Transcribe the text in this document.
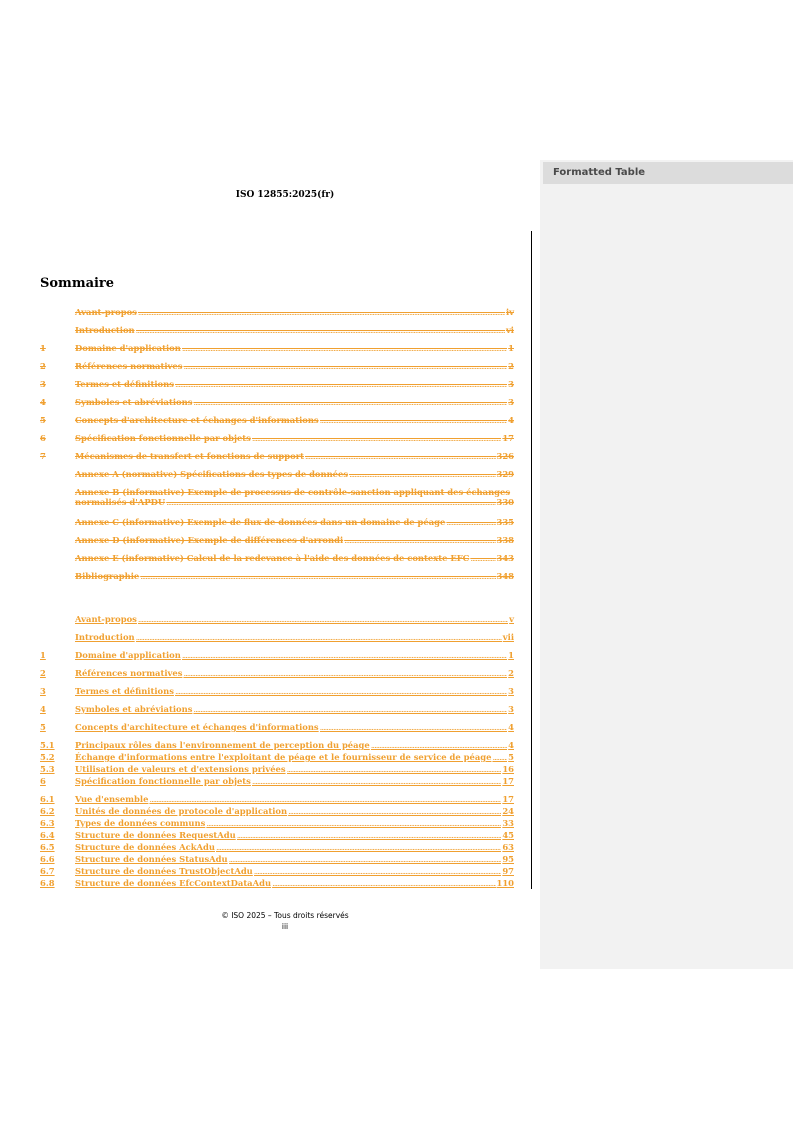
Formatted Table
ISO 12855:2025(fr)
Sommaire
Avant-propos .....	iv
Introduction .....	vi
1	Domaine d'application .....	1
2	Références normatives .....	2
3	Termes et définitions .....	3
4	Symboles et abréviations .....	3
5	Concepts d'architecture et échanges d'informations .....	4
6	Spécification fonctionnelle par objets .....	17
7	Mécanismes de transfert et fonctions de support .....	326
Annexe A (normative) Spécifications des types de données .....	329
Annexe B (informative) Exemple de processus de contrôle-sanction appliquant des échanges
normalisés d'APDU .....	330
Annexe C (informative) Exemple de flux de données dans un domaine de péage .....	335
Annexe D (informative) Exemple de différences d'arrondi .....	338
Annexe E (informative) Calcul de la redevance à l'aide des données de contexte EFC .....	343
Bibliographie .....	348
Avant-propos .....	v
Introduction .....	vii
1	Domaine d'application .....	1
2	Références normatives .....	2
3	Termes et définitions .....	3
4	Symboles et abréviations .....	3
5	Concepts d'architecture et échanges d'informations .....	4
5.1	Principaux rôles dans l'environnement de perception du péage .....	4
5.2	Échange d'informations entre l'exploitant de péage et le fournisseur de service de péage ..... 5
5.3	Utilisation de valeurs et d'extensions privées .....	16
6	Spécification fonctionnelle par objets .....	17
6.1	Vue d'ensemble .....	17
6.2	Unités de données de protocole d'application .....	24
6.3	Types de données communs .....	33
6.4	Structure de données RequestAdu .....	45
6.5	Structure de données AckAdu .....	63
6.6	Structure de données StatusAdu .....	95
6.7	Structure de données TrustObjectAdu .....	97
6.8	Structure de données EfcContextDataAdu .....	110
© ISO 2025 – Tous droits réservés
iii
